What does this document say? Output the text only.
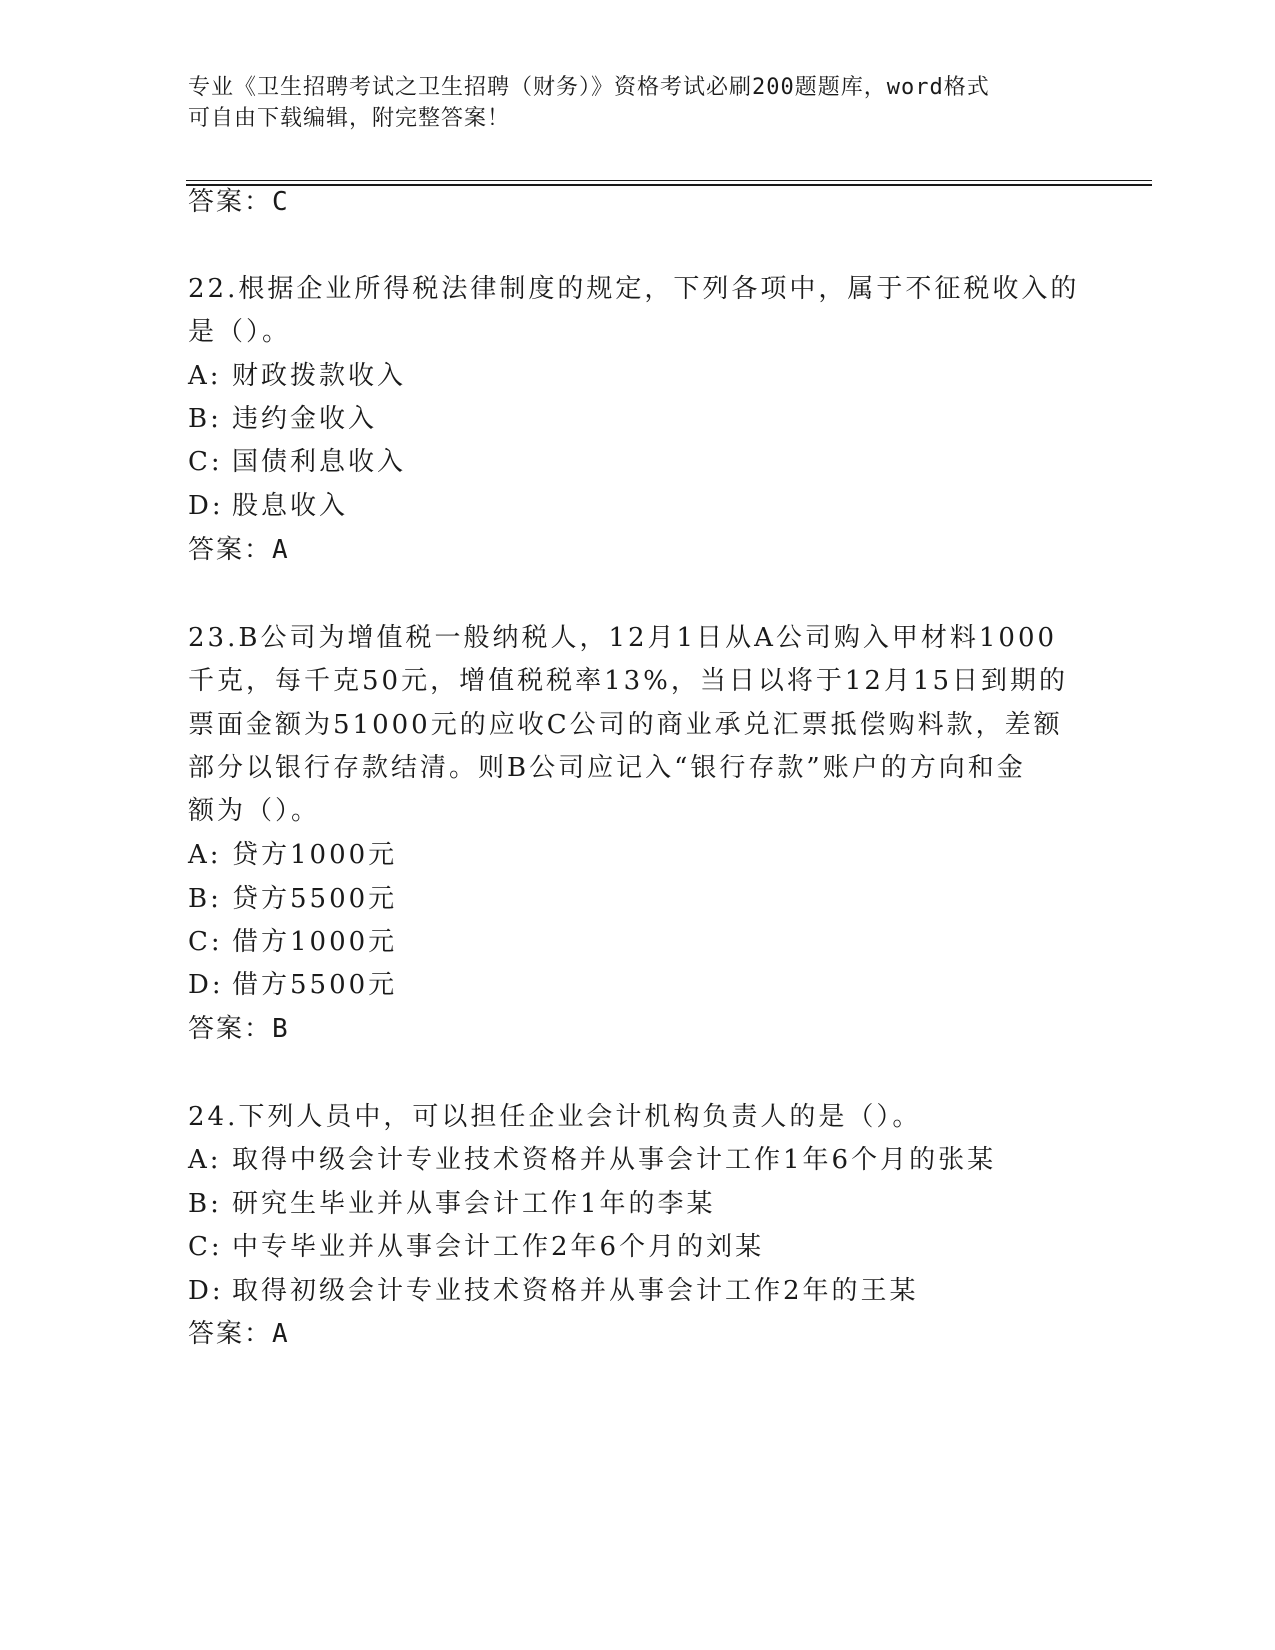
专业《卫生招聘考试之卫生招聘（财务）》资格考试必刷200题题库，word格式
可自由下载编辑，附完整答案！
答案：C
22.根据企业所得税法律制度的规定，下列各项中，属于不征税收入的
是（）。
A: 财政拨款收入
B: 违约金收入
C: 国债利息收入
D: 股息收入
答案：A
23.B公司为增值税一般纳税人，12月1日从A公司购入甲材料1000
千克，每千克50元，增值税税率13%，当日以将于12月15日到期的
票面金额为51000元的应收C公司的商业承兑汇票抵偿购料款，差额
部分以银行存款结清。则B公司应记入“银行存款”账户的方向和金
额为（）。
A: 贷方1000元
B: 贷方5500元
C: 借方1000元
D: 借方5500元
答案：B
24.下列人员中，可以担任企业会计机构负责人的是（）。
A: 取得中级会计专业技术资格并从事会计工作1年6个月的张某
B: 研究生毕业并从事会计工作1年的李某
C: 中专毕业并从事会计工作2年6个月的刘某
D: 取得初级会计专业技术资格并从事会计工作2年的王某
答案：A
